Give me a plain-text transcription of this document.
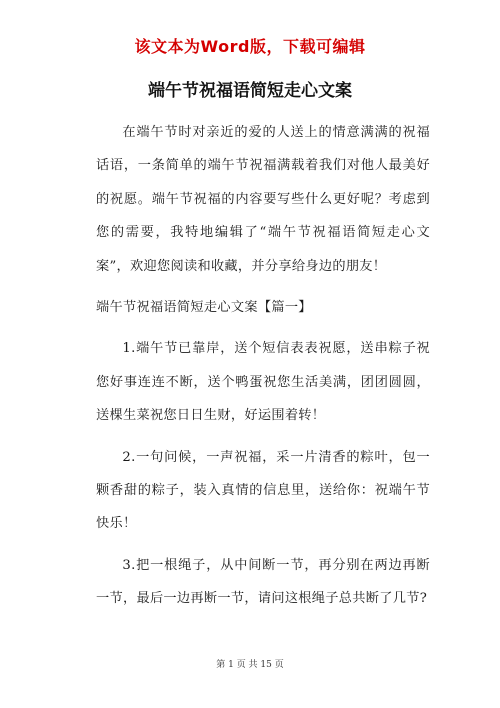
该文本为Word版，下载可编辑
端午节祝福语简短走心文案

在端午节时对亲近的爱的人送上的情意满满的祝福话语，一条简单的端午节祝福满载着我们对他人最美好的祝愿。端午节祝福的内容要写些什么更好呢？考虑到您的需要，我特地编辑了“端午节祝福语简短走心文案”，欢迎您阅读和收藏，并分享给身边的朋友！

端午节祝福语简短走心文案【篇一】

1.端午节已靠岸，送个短信表表祝愿，送串粽子祝您好事连连不断，送个鸭蛋祝您生活美满，团团圆圆，送棵生菜祝您日日生财，好运围着转！

2.一句问候，一声祝福，采一片清香的粽叶，包一颗香甜的粽子，装入真情的信息里，送给你：祝端午节快乐！

3.把一根绳子，从中间断一节，再分别在两边再断一节，最后一边再断一节，请问这根绳子总共断了几节?

第 1 页 共 15 页
